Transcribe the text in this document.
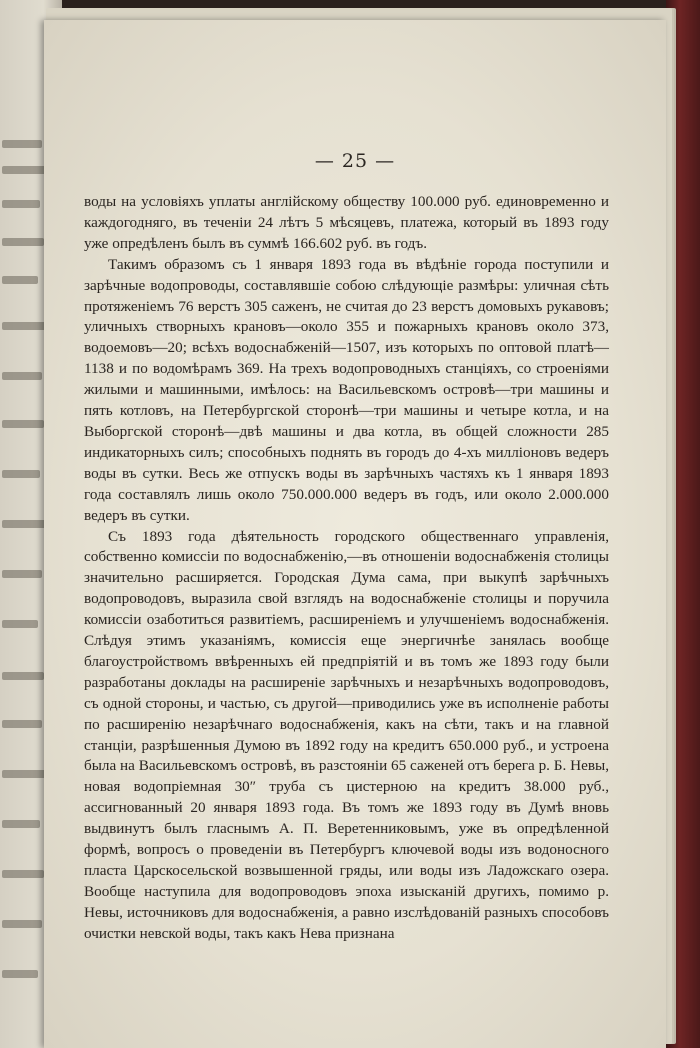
— 25 —

воды на условіяхъ уплаты англійскому обществу 100.000 руб. единовременно и каждогодняго, въ теченіи 24 лѣтъ 5 мѣсяцевъ, платежа, который въ 1893 году уже опредѣленъ былъ въ суммѣ 166.602 руб. въ годъ.

Такимъ образомъ съ 1 января 1893 года въ вѣдѣніе города поступили и зарѣчные водопроводы, составлявшіе собою слѣдующіе размѣры: уличная сѣть протяженіемъ 76 верстъ 305 саженъ, не считая до 23 верстъ домовыхъ рукавовъ; уличныхъ створныхъ крановъ—около 355 и пожарныхъ крановъ около 373, водоемовъ—20; всѣхъ водоснабженій—1507, изъ которыхъ по оптовой платѣ—1138 и по водомѣрамъ 369. На трехъ водопроводныхъ станціяхъ, со строеніями жилыми и машинными, имѣлось: на Васильевскомъ островѣ—три машины и пять котловъ, на Петербургской сторонѣ—три машины и четыре котла, и на Выборгской сторонѣ—двѣ машины и два котла, въ общей сложности 285 индикаторныхъ силъ; способныхъ поднять въ городъ до 4-хъ милліоновъ ведеръ воды въ сутки. Весь же отпускъ воды въ зарѣчныхъ частяхъ къ 1 января 1893 года составлялъ лишь около 750.000.000 ведеръ въ годъ, или около 2.000.000 ведеръ въ сутки.

Съ 1893 года дѣятельность городского общественнаго управленія, собственно комиссіи по водоснабженію,—въ отношеніи водоснабженія столицы значительно расширяется. Городская Дума сама, при выкупѣ зарѣчныхъ водопроводовъ, выразила свой взглядъ на водоснабженіе столицы и поручила комиссіи озаботиться развитіемъ, расширеніемъ и улучшеніемъ водоснабженія. Слѣдуя этимъ указаніямъ, комиссія еще энергичнѣе занялась вообще благоустройствомъ ввѣренныхъ ей предпріятій и въ томъ же 1893 году были разработаны доклады на расширеніе зарѣчныхъ и незарѣчныхъ водопроводовъ, съ одной стороны, и частью, съ другой—приводились уже въ исполненіе работы по расширенію незарѣчнаго водоснабженія, какъ на сѣти, такъ и на главной станціи, разрѣшенныя Думою въ 1892 году на кредитъ 650.000 руб., и устроена была на Васильевскомъ островѣ, въ разстояніи 65 саженей отъ берега р. Б. Невы, новая водопріемная 30″ труба съ цистерною на кредитъ 38.000 руб., ассигнованный 20 января 1893 года. Въ томъ же 1893 году въ Думѣ вновь выдвинутъ былъ гласнымъ А. П. Веретенниковымъ, уже въ опредѣленной формѣ, вопросъ о проведеніи въ Петербургъ ключевой воды изъ водоносного пласта Царскосельской возвышенной гряды, или воды изъ Ладожскаго озера. Вообще наступила для водопроводовъ эпоха изысканій другихъ, помимо р. Невы, источниковъ для водоснабженія, а равно изслѣдованій разныхъ способовъ очистки невской воды, такъ какъ Нева признана
